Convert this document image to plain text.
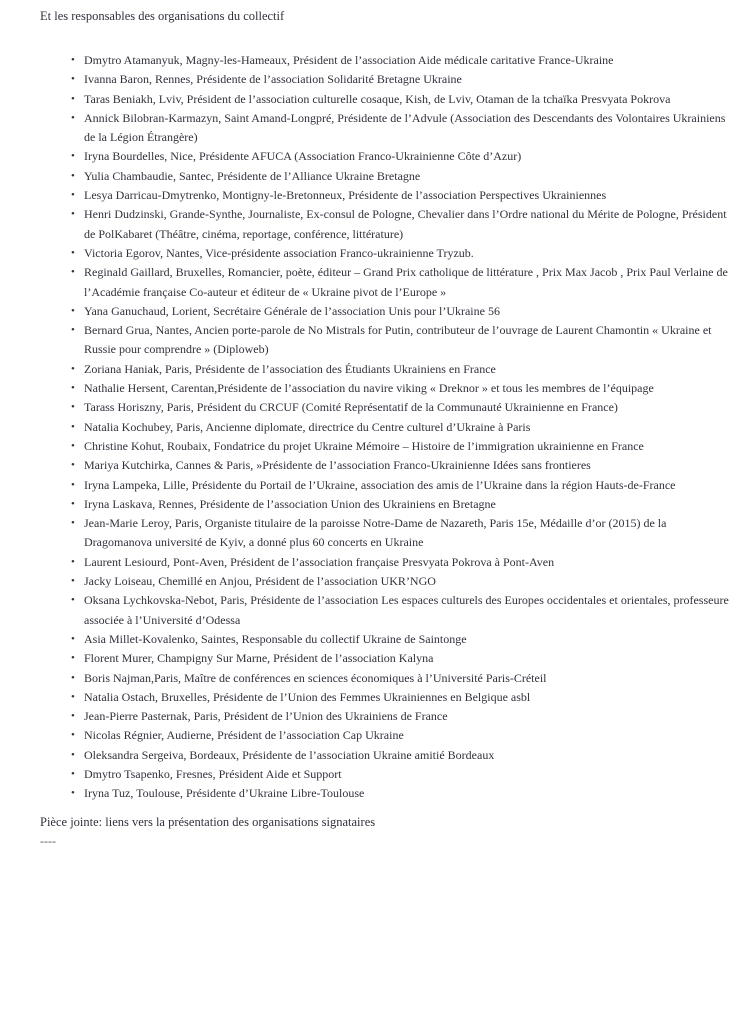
Et les responsables des organisations du collectif

• Dmytro Atamanyuk, Magny-les-Hameaux, Président de l’association Aide médicale caritative France-Ukraine
• Ivanna Baron, Rennes, Présidente de l’association Solidarité Bretagne Ukraine
• Taras Beniakh, Lviv, Président de l’association culturelle cosaque, Kish, de Lviv, Otaman de la tchaïka Presvyata Pokrova
• Annick Bilobran-Karmazyn, Saint Amand-Longpré, Présidente de l’Advule (Association des Descendants des Volontaires Ukrainiens de la Légion Étrangère)
• Iryna Bourdelles, Nice, Présidente AFUCA (Association Franco-Ukrainienne Côte d’Azur)
• Yulia Chambaudie, Santec, Présidente de l’Alliance Ukraine Bretagne
• Lesya Darricau-Dmytrenko, Montigny-le-Bretonneux, Présidente de l’association Perspectives Ukrainiennes
• Henri Dudzinski, Grande-Synthe, Journaliste, Ex-consul de Pologne, Chevalier dans l’Ordre national du Mérite de Pologne, Président de PolKabaret (Théâtre, cinéma, reportage, conférence, littérature)
• Victoria Egorov, Nantes, Vice-présidente association Franco-ukrainienne Tryzub.
• Reginald Gaillard, Bruxelles, Romancier, poète, éditeur – Grand Prix catholique de littérature , Prix Max Jacob , Prix Paul Verlaine de l’Académie française Co-auteur et éditeur de « Ukraine pivot de l’Europe »
• Yana Ganuchaud, Lorient, Secrétaire Générale de l’association Unis pour l’Ukraine 56
• Bernard Grua, Nantes, Ancien porte-parole de No Mistrals for Putin, contributeur de l’ouvrage de Laurent Chamontin « Ukraine et Russie pour comprendre » (Diploweb)
• Zoriana Haniak, Paris, Présidente de l’association des Étudiants Ukrainiens en France
• Nathalie Hersent, Carentan,Présidente de l’association du navire viking « Dreknor » et tous les membres de l’équipage
• Tarass Horiszny, Paris, Président du CRCUF (Comité Représentatif de la Communauté Ukrainienne en France)
• Natalia Kochubey, Paris, Ancienne diplomate, directrice du Centre culturel d’Ukraine à Paris
• Christine Kohut, Roubaix, Fondatrice du projet Ukraine Mémoire – Histoire de l’immigration ukrainienne en France
• Mariya Kutchirka, Cannes & Paris, »Présidente de l’association Franco-Ukrainienne Idées sans frontieres
• Iryna Lampeka, Lille, Présidente du Portail de l’Ukraine, association des amis de l’Ukraine dans la région Hauts-de-France
• Iryna Laskava, Rennes, Présidente de l’association Union des Ukrainiens en Bretagne
• Jean-Marie Leroy, Paris, Organiste titulaire de la paroisse Notre-Dame de Nazareth, Paris 15e, Médaille d’or (2015) de la Dragomanova université de Kyiv, a donné plus 60 concerts en Ukraine
• Laurent Lesiourd, Pont-Aven, Président de l’association française Presvyata Pokrova à Pont-Aven
• Jacky Loiseau, Chemillé en Anjou, Président de l’association UKR’NGO
• Oksana Lychkovska-Nebot, Paris, Présidente de l’association Les espaces culturels des Europes occidentales et orientales, professeure associée à l’Université d’Odessa
• Asia Millet-Kovalenko, Saintes, Responsable du collectif Ukraine de Saintonge
• Florent Murer, Champigny Sur Marne, Président de l’association Kalyna
• Boris Najman,Paris, Maître de conférences en sciences économiques à l’Université Paris-Créteil
• Natalia Ostach, Bruxelles, Présidente de l’Union des Femmes Ukrainiennes en Belgique asbl
• Jean-Pierre Pasternak, Paris, Président de l’Union des Ukrainiens de France
• Nicolas Régnier, Audierne, Président de l’association Cap Ukraine
• Oleksandra Sergeiva, Bordeaux, Présidente de l’association Ukraine amitié Bordeaux
• Dmytro Tsapenko, Fresnes, Président Aide et Support
• Iryna Tuz, Toulouse, Présidente d’Ukraine Libre-Toulouse

Pièce jointe: liens vers la présentation des organisations signataires

----
